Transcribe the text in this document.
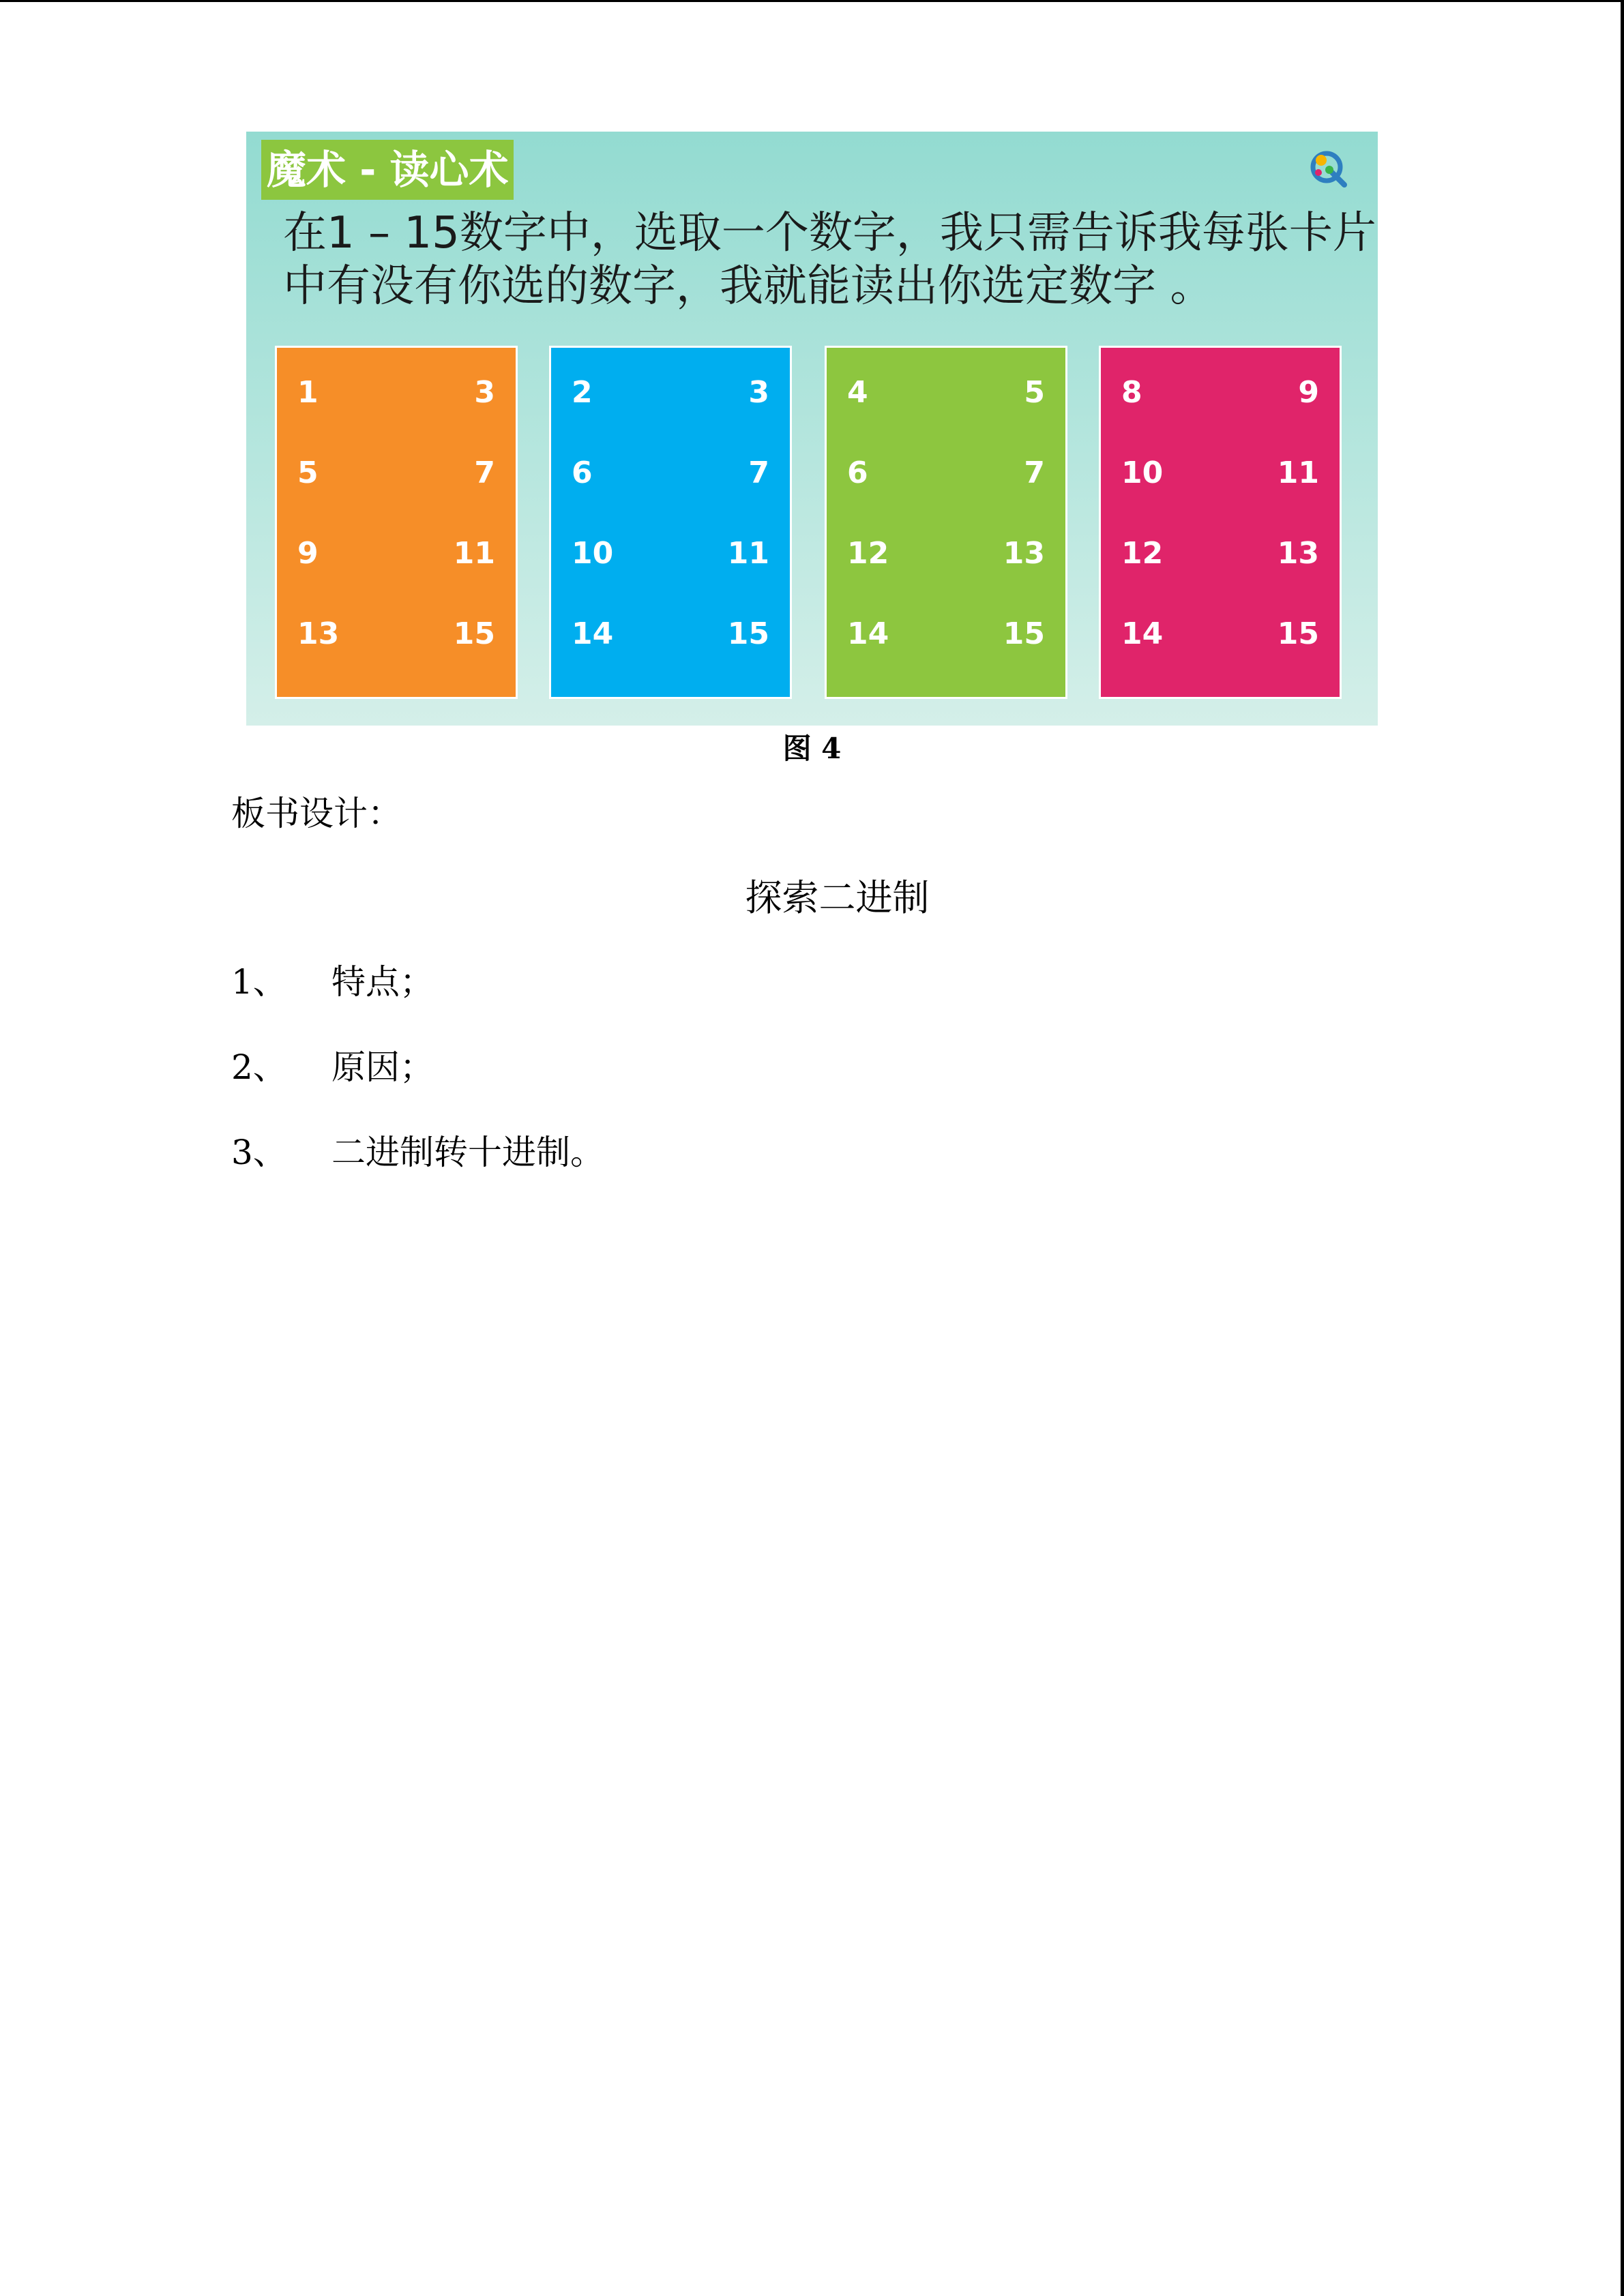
魔术 - 读心术
在1 – 15数字中，选取一个数字，我只需告诉我每张卡片
中有没有你选的数字，我就能读出你选定数字 。
1	3
5	7
9	11
13	15
2	3
6	7
10	11
14	15
4	5
6	7
12	13
14	15
8	9
10	11
12	13
14	15
图 4
板书设计：
探索二进制
1、 特点；
2、 原因；
3、 二进制转十进制。
